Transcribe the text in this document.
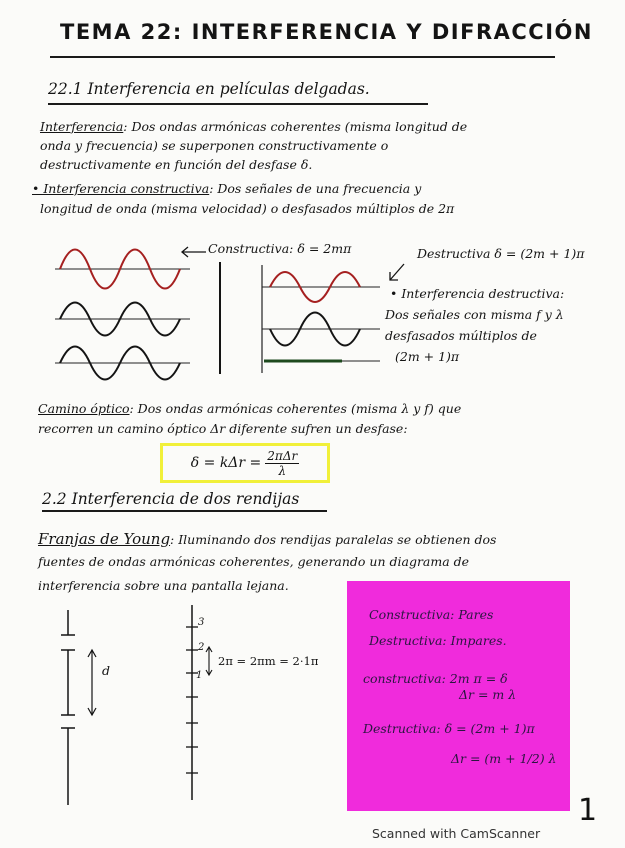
TEMA 22: INTERFERENCIA Y DIFRACCIÓN
22.1 Interferencia en películas delgadas.
Interferencia: Dos ondas armónicas coherentes (misma longitud de
onda y frecuencia) se superponen constructivamente o
destructivamente en función del desfase δ.
• Interferencia constructiva: Dos señales de una frecuencia y
longitud de onda (misma velocidad) o desfasados múltiplos de 2π
Constructiva: δ = 2mπ	Destructiva δ = (2m + 1)π
• Interferencia destructiva:
Dos señales con misma f y λ
desfasados múltiplos de
(2m + 1)π
Camino óptico: Dos ondas armónicas coherentes (misma λ y f) que
recorren un camino óptico Δr diferente sufren un desfase:
$\delta = k\Delta r = \frac{\text{2πΔr}}{\lambda}$
2.2 Interferencia de dos rendijas
Franjas de Young: Iluminando dos rendijas paralelas se obtienen dos
fuentes de ondas armónicas coherentes, generando un diagrama de
interferencia sobre una pantalla lejana.
d
3
2
1
2π = 2πm = 2·1π
Constructiva: Pares
Destructiva: Impares.
constructiva: 2m π = δ
Δr = m λ
Destructiva: δ = (2m + 1)π
Δr = (m + 1/2) λ
1
Scanned with CamScanner
